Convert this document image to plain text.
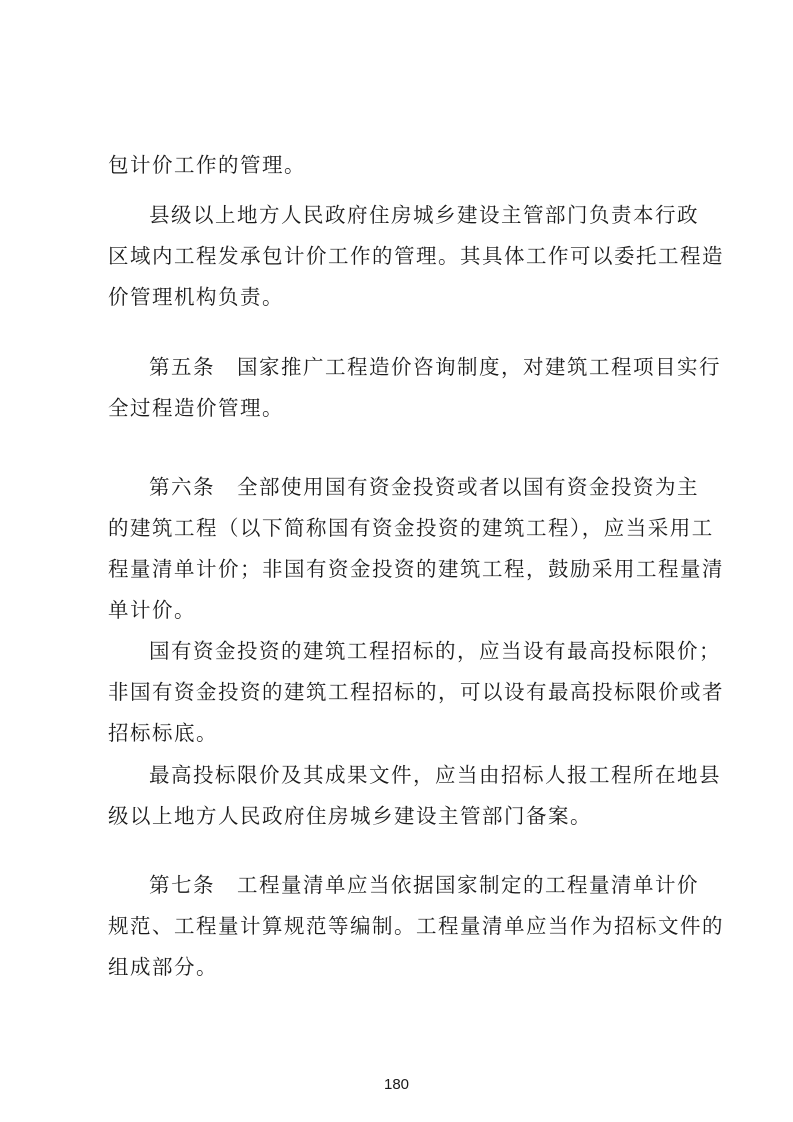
包计价工作的管理。
县级以上地方人民政府住房城乡建设主管部门负责本行政
区域内工程发承包计价工作的管理。其具体工作可以委托工程造
价管理机构负责。
第五条　国家推广工程造价咨询制度，对建筑工程项目实行
全过程造价管理。
第六条　全部使用国有资金投资或者以国有资金投资为主
的建筑工程（以下简称国有资金投资的建筑工程），应当采用工
程量清单计价；非国有资金投资的建筑工程，鼓励采用工程量清
单计价。
国有资金投资的建筑工程招标的，应当设有最高投标限价；
非国有资金投资的建筑工程招标的，可以设有最高投标限价或者
招标标底。
最高投标限价及其成果文件，应当由招标人报工程所在地县
级以上地方人民政府住房城乡建设主管部门备案。
第七条　工程量清单应当依据国家制定的工程量清单计价
规范、工程量计算规范等编制。工程量清单应当作为招标文件的
组成部分。
180
